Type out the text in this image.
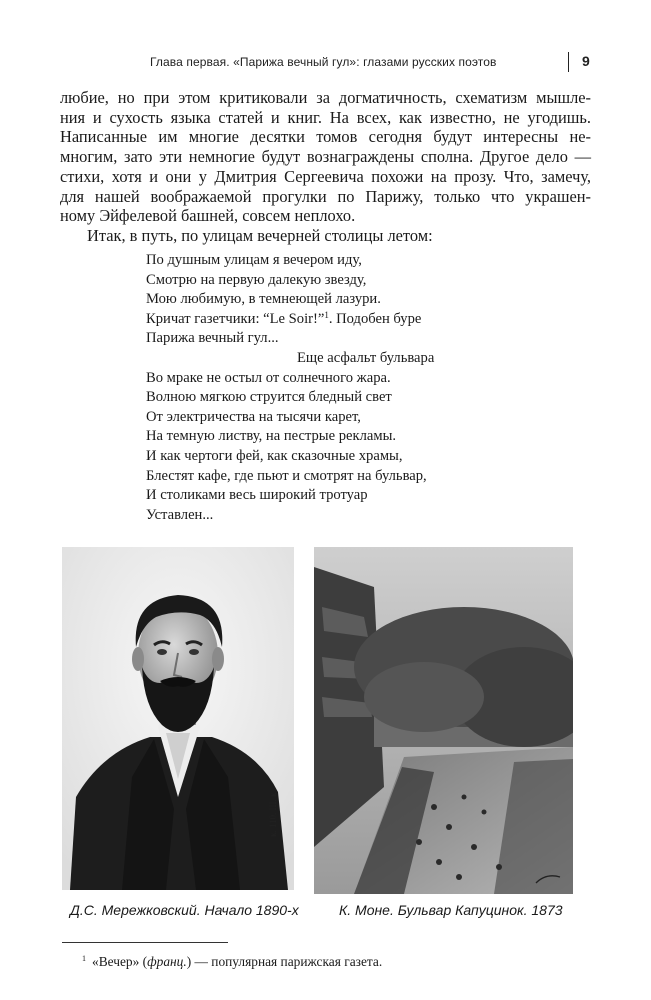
Глава первая. «Парижа вечный гул»: глазами русских поэтов	9
любие, но при этом критиковали за догматичность, схематизм мышле-
ния и сухость языка статей и книг. На всех, как известно, не угодишь.
Написанные им многие десятки томов сегодня будут интересны не-
многим, зато эти немногие будут вознаграждены сполна. Другое дело —
стихи, хотя и они у Дмитрия Сергеевича похожи на прозу. Что, замечу,
для нашей воображаемой прогулки по Парижу, только что украшен-
ному Эйфелевой башней, совсем неплохо.
Итак, в путь, по улицам вечерней столицы летом:
По душным улицам я вечером иду,
Смотрю на первую далекую звезду,
Мою любимую, в темнеющей лазури.
Кричат газетчики: “Le Soir!”$^1$. Подобен буре
Парижа вечный гул...
Еще асфальт бульвара
Во мраке не остыл от солнечного жара.
Волною мягкою струится бледный свет
От электричества на тысячи карет,
На темную листву, на пестрые рекламы.
И как чертоги фей, как сказочные храмы,
Блестят кафе, где пьют и смотрят на бульвар,
И столиками весь широкий тротуар
Уставлен...
к. 110. III. к
Д.С. Мережковский. Начало 1890-х	К. Моне. Бульвар Капуцинок. 1873
$^1$ «Вечер» (франц.) — популярная парижская газета.
